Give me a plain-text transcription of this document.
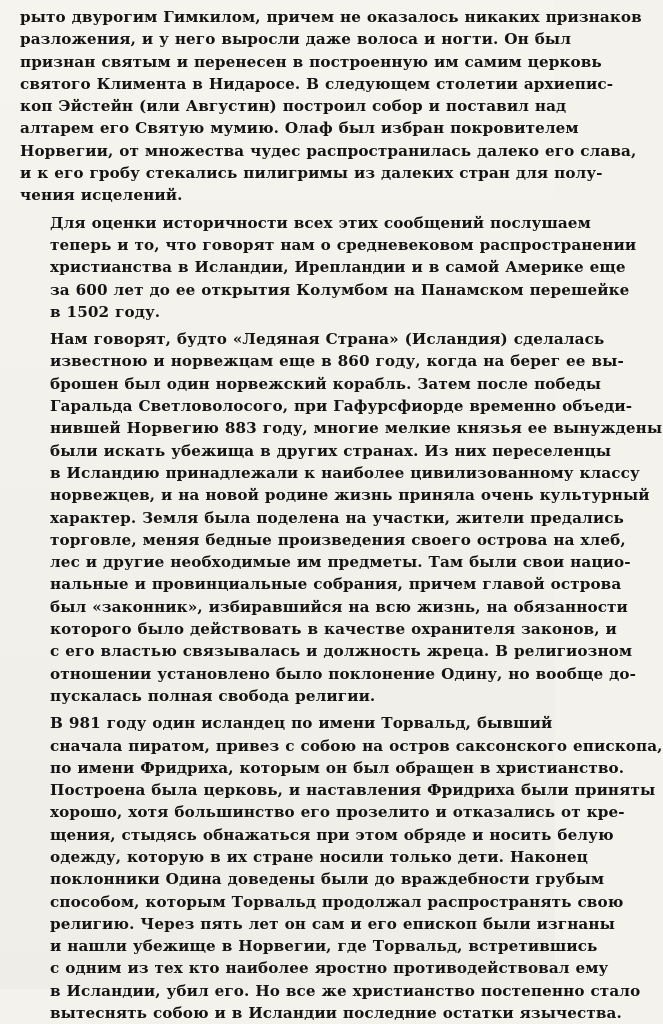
рыто двурогим Гимкилом, причем не оказалось никаких признаков
разложения, и у него выросли даже волоса и ногти. Он был
признан святым и перенесен в построенную им самим церковь
святого Климента в Нидаросе. В следующем столетии архиепис-
коп Эйстейн (или Августин) построил собор и поставил над
алтарем его Святую мумию. Олаф был избран покровителем
Норвегии, от множества чудес распространилась далеко его слава,
и к его гробу стекались пилигримы из далеких стран для полу-
чения исцелений.

Для оценки историчности всех этих сообщений послушаем
теперь и то, что говорят нам о средневековом распространении
христианства в Исландии, Ирепландии и в самой Америке еще
за 600 лет до ее открытия Колумбом на Панамском перешейке
в 1502 году.

Нам говорят, будто «Ледяная Страна» (Исландия) сделалась
известною и норвежцам еще в 860 году, когда на берег ее вы-
брошен был один норвежский корабль. Затем после победы
Гаральда Светловолосого, при Гафурсфиорде временно объеди-
нившей Норвегию 883 году, многие мелкие князья ее вынуждены
были искать убежища в других странах. Из них переселенцы
в Исландию принадлежали к наиболее цивилизованному классу
норвежцев, и на новой родине жизнь приняла очень культурный
характер. Земля была поделена на участки, жители предались
торговле, меняя бедные произведения своего острова на хлеб,
лес и другие необходимые им предметы. Там были свои нацио-
нальные и провинциальные собрания, причем главой острова
был «законник», избиравшийся на всю жизнь, на обязанности
которого было действовать в качестве охранителя законов, и
с его властью связывалась и должность жреца. В религиозном
отношении установлено было поклонение Одину, но вообще до-
пускалась полная свобода религии.

В 981 году один исландец по имени Торвальд, бывший
сначала пиратом, привез с собою на остров саксонского епископа,
по имени Фридриха, которым он был обращен в христианство.
Построена была церковь, и наставления Фридриха были приняты
хорошо, хотя большинство его прозелито и отказались от кре-
щения, стыдясь обнажаться при этом обряде и носить белую
одежду, которую в их стране носили только дети. Наконец
поклонники Одина доведены были до враждебности грубым
способом, которым Торвальд продолжал распространять свою
религию. Через пять лет он сам и его епископ были изгнаны
и нашли убежище в Норвегии, где Торвальд, встретившись
с одним из тех кто наиболее яростно противодействовал ему
в Исландии, убил его. Но все же христианство постепенно стало
вытеснять собою и в Исландии последние остатки язычества.
